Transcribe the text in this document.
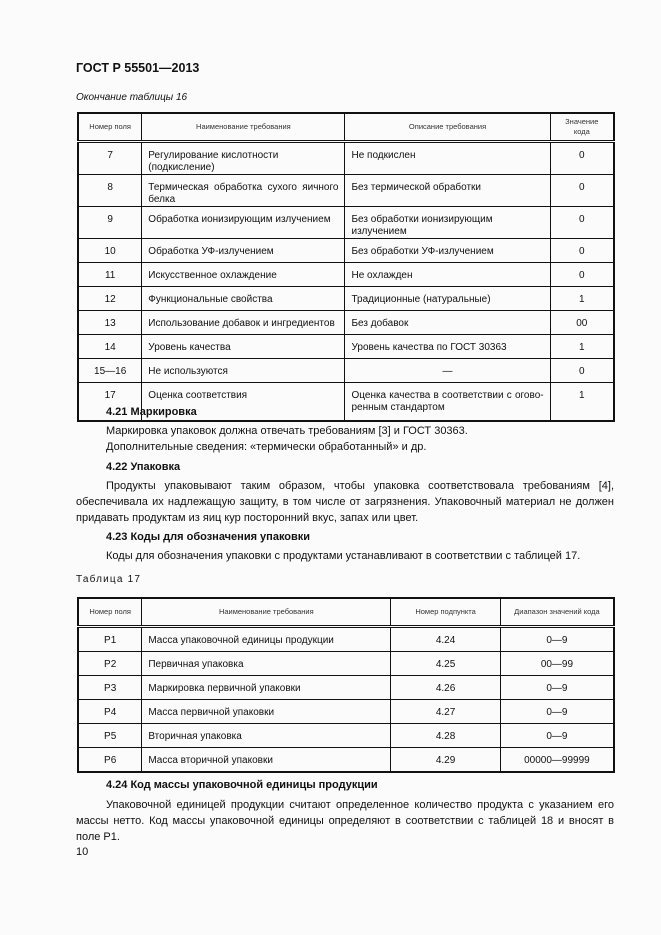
ГОСТ Р 55501—2013
Окончание таблицы 16
Номер поля	Наименование требования	Описание требования	Значение кода
7	Регулирование кислотности (подкисление)	Не подкислен	0
8	Термическая обработка сухого яичного белка	Без термической обработки	0
9	Обработка ионизирующим излучением	Без обработки ионизирующим излучением	0
10	Обработка УФ-излучением	Без обработки УФ-излучением	0
11	Искусственное охлаждение	Не охлажден	0
12	Функциональные свойства	Традиционные (натуральные)	1
13	Использование добавок и ингредиентов	Без добавок	00
14	Уровень качества	Уровень качества по ГОСТ 30363	1
15—16	Не используются	—	0
17	Оценка соответствия	Оценка качества в соответствии с огово-ренным стандартом	1
4.21 Маркировка
Маркировка упаковок должна отвечать требованиям [3] и ГОСТ 30363.
Дополнительные сведения: «термически обработанный» и др.
4.22 Упаковка
Продукты упаковывают таким образом, чтобы упаковка соответствовала требованиям [4], обеспечивала их надлежащую защиту, в том числе от загрязнения. Упаковочный материал не должен придавать продуктам из яиц кур посторонний вкус, запах или цвет.
4.23 Коды для обозначения упаковки
Коды для обозначения упаковки с продуктами устанавливают в соответствии с таблицей 17.
Таблица 17
Номер поля	Наименование требования	Номер подпункта	Диапазон значений кода
Р1	Масса упаковочной единицы продукции	4.24	0—9
Р2	Первичная упаковка	4.25	00—99
Р3	Маркировка первичной упаковки	4.26	0—9
Р4	Масса первичной упаковки	4.27	0—9
Р5	Вторичная упаковка	4.28	0—9
Р6	Масса вторичной упаковки	4.29	00000—99999
4.24 Код массы упаковочной единицы продукции
Упаковочной единицей продукции считают определенное количество продукта с указанием его массы нетто. Код массы упаковочной единицы определяют в соответствии с таблицей 18 и вносят в поле Р1.
10
